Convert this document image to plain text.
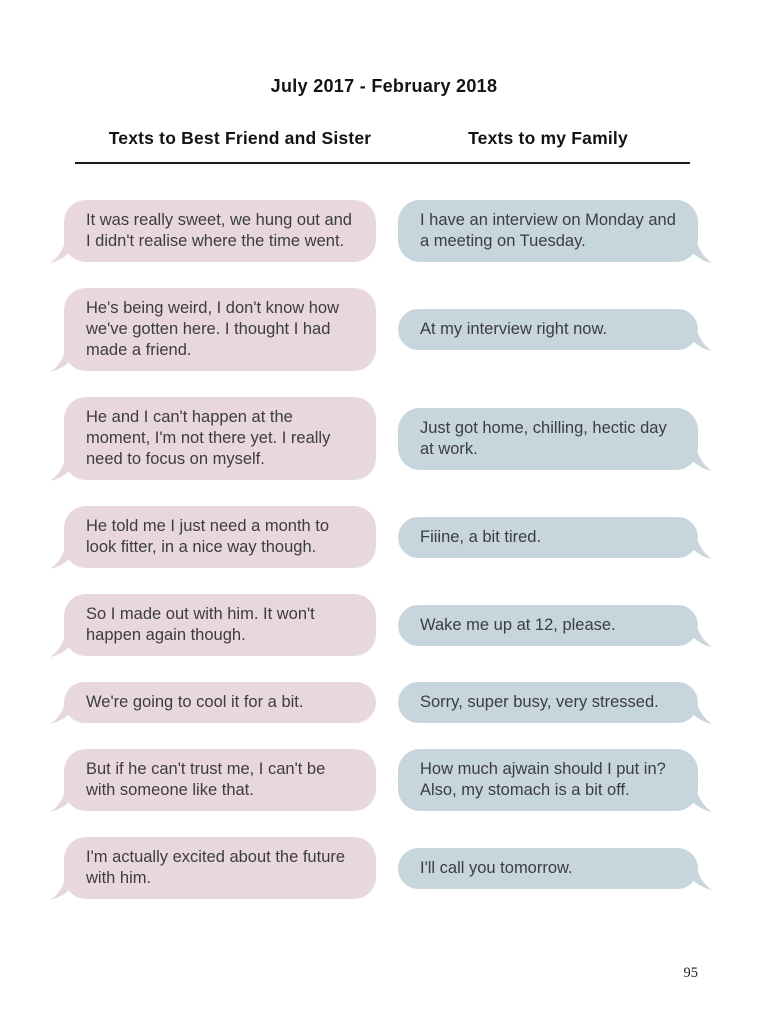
July 2017 - February 2018
Texts to Best Friend and Sister	Texts to my Family
It was really sweet, we hung out and I didn't realise where the time went.
I have an interview on Monday and a meeting on Tuesday.
He's being weird, I don't know how we've gotten here. I thought I had made a friend.
At my interview right now.
He and I can't happen at the moment, I'm not there yet. I really need to focus on myself.
Just got home, chilling, hectic day at work.
He told me I just need a month to look fitter, in a nice way though.
Fiiine, a bit tired.
So I made out with him. It won't happen again though.
Wake me up at 12, please.
We're going to cool it for a bit.	Sorry, super busy, very stressed.
But if he can't trust me, I can't be with someone like that.
How much ajwain should I put in? Also, my stomach is a bit off.
I'm actually excited about the future with him.
I'll call you tomorrow.
95
